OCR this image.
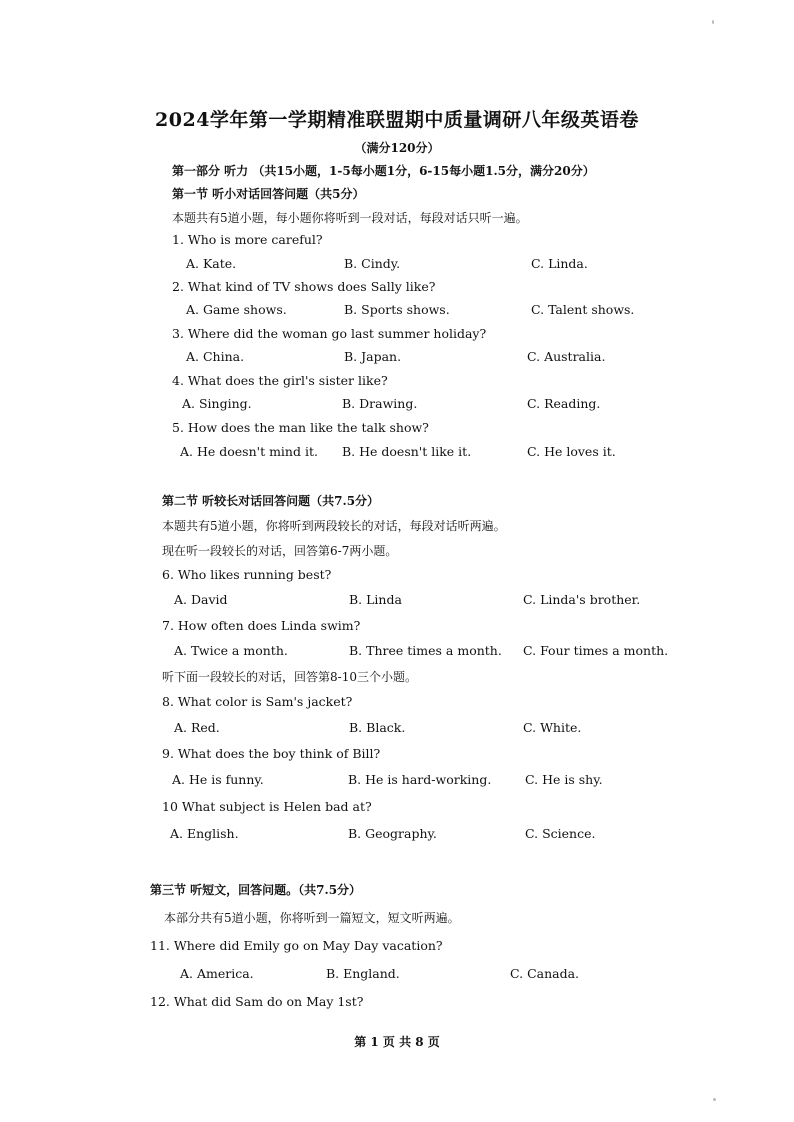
2024学年第一学期精准联盟期中质量调研八年级英语卷
（满分120分）
第一部分 听力 （共15小题，1-5每小题1分，6-15每小题1.5分，满分20分）
第一节 听小对话回答问题（共5分）
本题共有5道小题，每小题你将听到一段对话，每段对话只听一遍。
1. Who is more careful?
A. Kate.	B. Cindy.	C. Linda.
2. What kind of TV shows does Sally like?
A. Game shows.	B. Sports shows.	C. Talent shows.
3. Where did the woman go last summer holiday?
A. China.	B. Japan.	C. Australia.
4. What does the girl's sister like?
A. Singing.	B. Drawing.	C. Reading.
5. How does the man like the talk show?
A. He doesn't mind it. B. He doesn't like it.	C. He loves it.
第二节 听较长对话回答问题（共7.5分）
本题共有5道小题，你将听到两段较长的对话，每段对话听两遍。
现在听一段较长的对话，回答第6-7两小题。
6. Who likes running best?
A. David	B. Linda	C. Linda's brother.
7. How often does Linda swim?
A. Twice a month.	B. Three times a month. C. Four times a month.
听下面一段较长的对话，回答第8-10三个小题。
8. What color is Sam's jacket?
A. Red.	B. Black.	C. White.
9. What does the boy think of Bill?
A. He is funny.	B. He is hard-working.	C. He is shy.
10 What subject is Helen bad at?
A. English.	B. Geography.	C. Science.
第三节 听短文，回答问题。（共7.5分）
本部分共有5道小题，你将听到一篇短文，短文听两遍。
11. Where did Emily go on May Day vacation?
A. America.	B. England.	C. Canada.
12. What did Sam do on May 1st?
第 1 页 共 8 页
